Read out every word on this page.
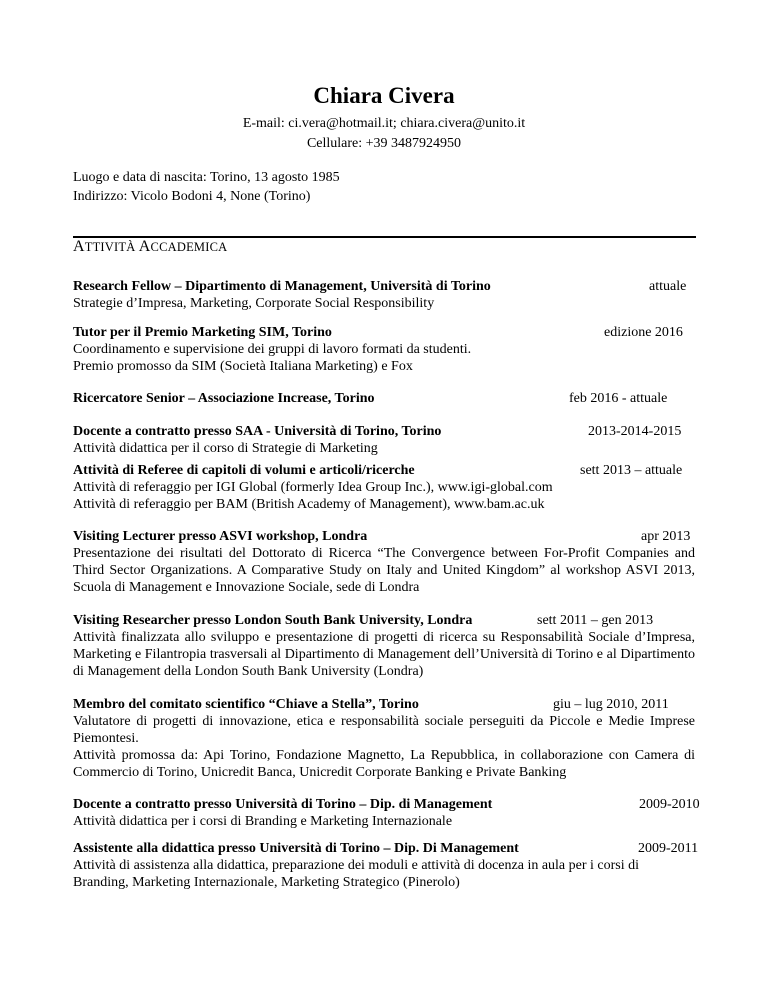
Chiara Civera
E-mail: ci.vera@hotmail.it; chiara.civera@unito.it
Cellulare: +39 3487924950
Luogo e data di nascita: Torino, 13 agosto 1985
Indirizzo: Vicolo Bodoni 4, None (Torino)
ATTIVITÀ ACCADEMICA
Research Fellow – Dipartimento di Management, Università di Torino	attuale
Strategie d’Impresa, Marketing, Corporate Social Responsibility
Tutor per il Premio Marketing SIM, Torino	edizione 2016
Coordinamento e supervisione dei gruppi di lavoro formati da studenti.
Premio promosso da SIM (Società Italiana Marketing) e Fox
Ricercatore Senior – Associazione Increase, Torino	feb 2016 - attuale
Docente a contratto presso SAA - Università di Torino, Torino	2013-2014-2015
Attività didattica per il corso di Strategie di Marketing
Attività di Referee di capitoli di volumi e articoli/ricerche	sett 2013 – attuale
Attività di referaggio per IGI Global (formerly Idea Group Inc.), www.igi-global.com
Attività di referaggio per BAM (British Academy of Management), www.bam.ac.uk
Visiting Lecturer presso ASVI workshop, Londra	apr 2013
Presentazione dei risultati del Dottorato di Ricerca “The Convergence between For-Profit Companies and Third Sector Organizations. A Comparative Study on Italy and United Kingdom” al workshop ASVI 2013, Scuola di Management e Innovazione Sociale, sede di Londra
Visiting Researcher presso London South Bank University, Londra	sett 2011 – gen 2013
Attività finalizzata allo sviluppo e presentazione di progetti di ricerca su Responsabilità Sociale d’Impresa, Marketing e Filantropia trasversali al Dipartimento di Management dell’Università di Torino e al Dipartimento di Management della London South Bank University (Londra)
Membro del comitato scientifico “Chiave a Stella”, Torino	giu – lug 2010, 2011
Valutatore di progetti di innovazione, etica e responsabilità sociale perseguiti da Piccole e Medie Imprese Piemontesi.
Attività promossa da: Api Torino, Fondazione Magnetto, La Repubblica, in collaborazione con Camera di Commercio di Torino, Unicredit Banca, Unicredit Corporate Banking e Private Banking
Docente a contratto presso Università di Torino – Dip. di Management	2009-2010
Attività didattica per i corsi di Branding e Marketing Internazionale
Assistente alla didattica presso Università di Torino – Dip. Di Management	2009-2011
Attività di assistenza alla didattica, preparazione dei moduli e attività di docenza in aula per i corsi di Branding, Marketing Internazionale, Marketing Strategico (Pinerolo)
